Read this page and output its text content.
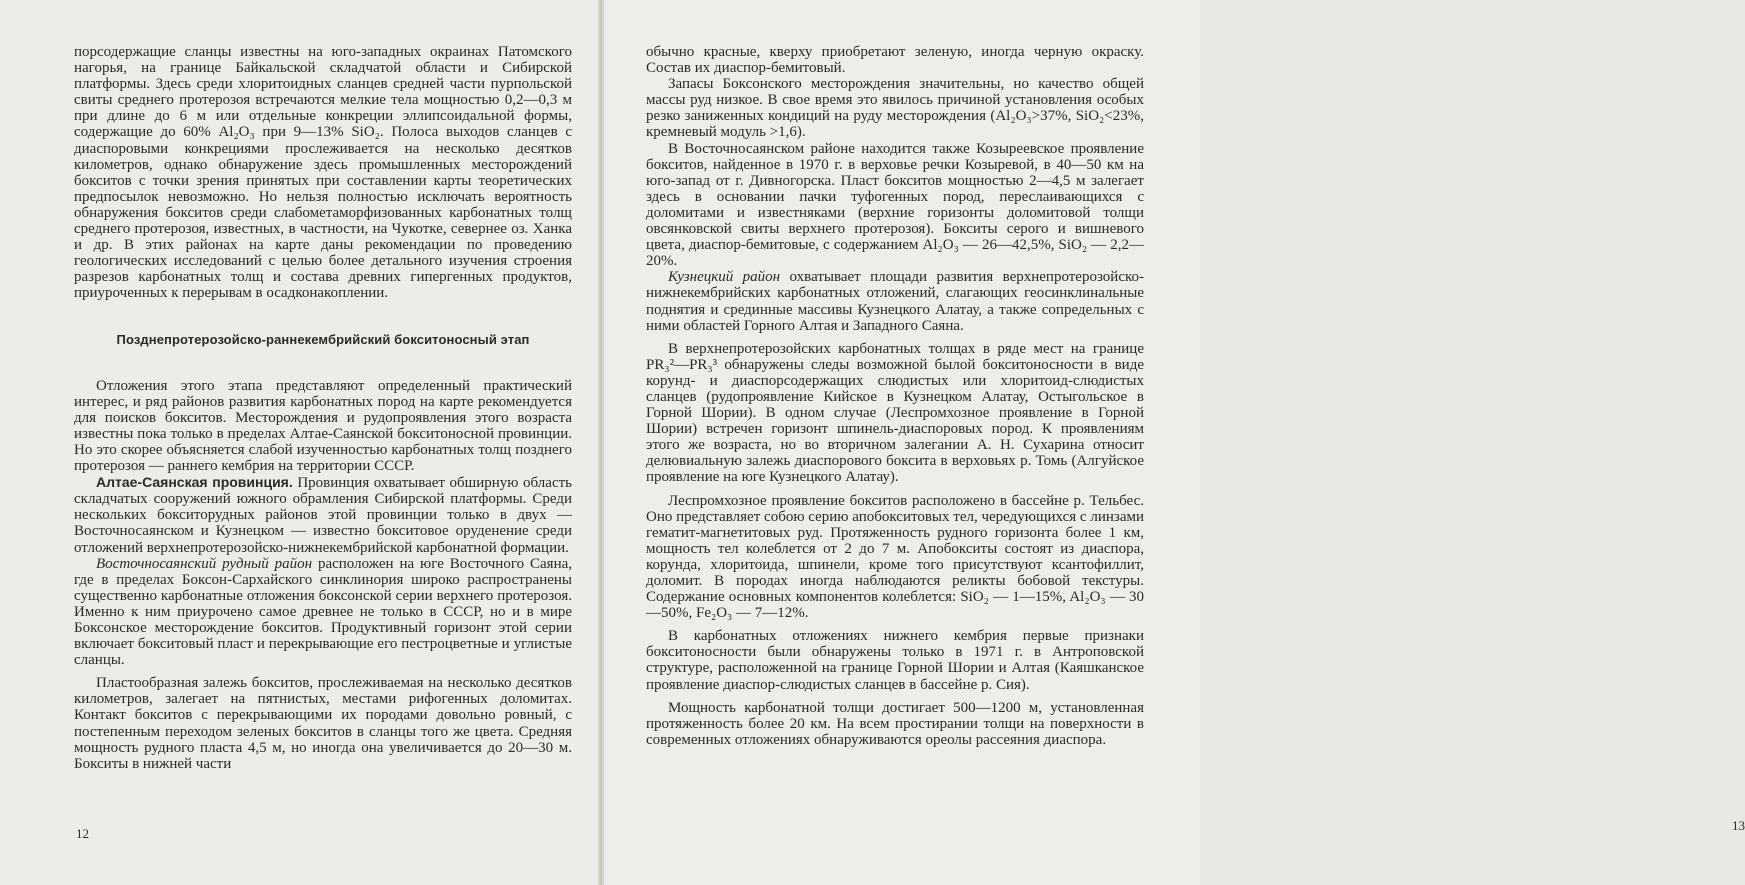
порсодержащие сланцы известны на юго-западных окраинах Патомского нагорья, на границе Байкальской складчатой области и Сибирской платформы. Здесь среди хлоритоидных сланцев средней части пурпольской свиты среднего протерозоя встречаются мелкие тела мощностью 0,2—0,3 м при длине до 6 м или отдельные конкреции эллипсоидальной формы, содержащие до 60% Al₂O₃ при 9—13% SiO₂. Полоса выходов сланцев с диаспоровыми конкрециями прослеживается на несколько десятков километров, однако обнаружение здесь промышленных месторождений бокситов с точки зрения принятых при составлении карты теоретических предпосылок невозможно. Но нельзя полностью исключать вероятность обнаружения бокситов среди слабометаморфизованных карбонатных толщ среднего протерозоя, известных, в частности, на Чукотке, севернее оз. Ханка и др. В этих районах на карте даны рекомендации по проведению геологических исследований с целью более детального изучения строения разрезов карбонатных толщ и состава древних гипергенных продуктов, приуроченных к перерывам в осадконакоплении.

Позднепротерозойско-раннекембрийский бокситоносный этап

Отложения этого этапа представляют определенный практический интерес, и ряд районов развития карбонатных пород на карте рекомендуется для поисков бокситов. Месторождения и рудопроявления этого возраста известны пока только в пределах Алтае-Саянской бокситоносной провинции. Но это скорее объясняется слабой изученностью карбонатных толщ позднего протерозоя — раннего кембрия на территории СССР.

Алтае-Саянская провинция. Провинция охватывает обширную область складчатых сооружений южного обрамления Сибирской платформы. Среди нескольких бокситорудных районов этой провинции только в двух — Восточносаянском и Кузнецком — известно бокситовое оруденение среди отложений верхнепротерозойско-нижнекембрийской карбонатной формации.

Восточносаянский рудный район расположен на юге Восточного Саяна, где в пределах Боксон-Сархайского синклинория широко распространены существенно карбонатные отложения боксонской серии верхнего протерозоя. Именно к ним приурочено самое древнее не только в СССР, но и в мире Боксонское месторождение бокситов. Продуктивный горизонт этой серии включает бокситовый пласт и перекрывающие его пестроцветные и углистые сланцы.

Пластообразная залежь бокситов, прослеживаемая на несколько десятков километров, залегает на пятнистых, местами рифогенных доломитах. Контакт бокситов с перекрывающими их породами довольно ровный, с постепенным переходом зеленых бокситов в сланцы того же цвета. Средняя мощность рудного пласта 4,5 м, но иногда она увеличивается до 20—30 м. Бокситы в нижней части

12

обычно красные, кверху приобретают зеленую, иногда черную окраску. Состав их диаспор-бемитовый.

Запасы Боксонского месторождения значительны, но качество общей массы руд низкое. В свое время это явилось причиной установления особых резко заниженных кондиций на руду месторождения (Al₂O₃>37%, SiO₂<23%, кремневый модуль >1,6).

В Восточносаянском районе находится также Козыреевское проявление бокситов, найденное в 1970 г. в верховье речки Козыревой, в 40—50 км на юго-запад от г. Дивногорска. Пласт бокситов мощностью 2—4,5 м залегает здесь в основании пачки туфогенных пород, переслаивающихся с доломитами и известняками (верхние горизонты доломитовой толщи овсянковской свиты верхнего протерозоя). Бокситы серого и вишневого цвета, диаспор-бемитовые, с содержанием Al₂O₃ — 26—42,5%, SiO₂ — 2,2—20%.

Кузнецкий район охватывает площади развития верхнепротерозойско-нижнекембрийских карбонатных отложений, слагающих геосинклинальные поднятия и срединные массивы Кузнецкого Алатау, а также сопредельных с ними областей Горного Алтая и Западного Саяна.

В верхнепротерозойских карбонатных толщах в ряде мест на границе PR₃²—PR₃³ обнаружены следы возможной былой бокситоносности в виде корунд- и диаспорсодержащих слюдистых или хлоритоид-слюдистых сланцев (рудопроявление Кийское в Кузнецком Алатау, Остыгольское в Горной Шории). В одном случае (Леспромхозное проявление в Горной Шории) встречен горизонт шпинель-диаспоровых пород. К проявлениям этого же возраста, но во вторичном залегании А. Н. Сухарина относит делювиальную залежь диаспорового боксита в верховьях р. Томь (Алгуйское проявление на юге Кузнецкого Алатау).

Леспромхозное проявление бокситов расположено в бассейне р. Тельбес. Оно представляет собою серию апобокситовых тел, чередующихся с линзами гематит-магнетитовых руд. Протяженность рудного горизонта более 1 км, мощность тел колеблется от 2 до 7 м. Апобокситы состоят из диаспора, корунда, хлоритоида, шпинели, кроме того присутствуют ксантофиллит, доломит. В породах иногда наблюдаются реликты бобовой текстуры. Содержание основных компонентов колеблется: SiO₂ — 1—15%, Al₂O₃ — 30—50%, Fe₂O₃ — 7—12%.

В карбонатных отложениях нижнего кембрия первые признаки бокситоносности были обнаружены только в 1971 г. в Антроповской структуре, расположенной на границе Горной Шории и Алтая (Каяшканское проявление диаспор-слюдистых сланцев в бассейне р. Сия).

Мощность карбонатной толщи достигает 500—1200 м, установленная протяженность более 20 км. На всем простирании толщи на поверхности в современных отложениях обнаруживаются ореолы рассеяния диаспора.

13
